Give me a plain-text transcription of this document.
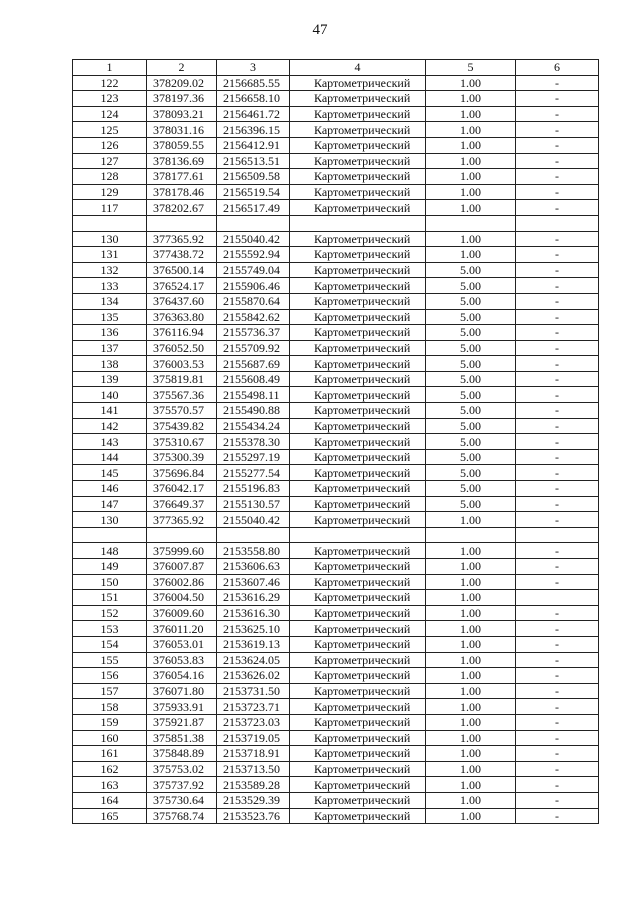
47
1	2	3	4	5	6
122	378209.02	2156685.55	Картометрический	1.00	-
123	378197.36	2156658.10	Картометрический	1.00	-
124	378093.21	2156461.72	Картометрический	1.00	-
125	378031.16	2156396.15	Картометрический	1.00	-
126	378059.55	2156412.91	Картометрический	1.00	-
127	378136.69	2156513.51	Картометрический	1.00	-
128	378177.61	2156509.58	Картометрический	1.00	-
129	378178.46	2156519.54	Картометрический	1.00	-
117	378202.67	2156517.49	Картометрический	1.00	-

130	377365.92	2155040.42	Картометрический	1.00	-
131	377438.72	2155592.94	Картометрический	1.00	-
132	376500.14	2155749.04	Картометрический	5.00	-
133	376524.17	2155906.46	Картометрический	5.00	-
134	376437.60	2155870.64	Картометрический	5.00	-
135	376363.80	2155842.62	Картометрический	5.00	-
136	376116.94	2155736.37	Картометрический	5.00	-
137	376052.50	2155709.92	Картометрический	5.00	-
138	376003.53	2155687.69	Картометрический	5.00	-
139	375819.81	2155608.49	Картометрический	5.00	-
140	375567.36	2155498.11	Картометрический	5.00	-
141	375570.57	2155490.88	Картометрический	5.00	-
142	375439.82	2155434.24	Картометрический	5.00	-
143	375310.67	2155378.30	Картометрический	5.00	-
144	375300.39	2155297.19	Картометрический	5.00	-
145	375696.84	2155277.54	Картометрический	5.00	-
146	376042.17	2155196.83	Картометрический	5.00	-
147	376649.37	2155130.57	Картометрический	5.00	-
130	377365.92	2155040.42	Картометрический	1.00	-

148	375999.60	2153558.80	Картометрический	1.00	-
149	376007.87	2153606.63	Картометрический	1.00	-
150	376002.86	2153607.46	Картометрический	1.00	-
151	376004.50	2153616.29	Картометрический	1.00	
152	376009.60	2153616.30	Картометрический	1.00	-
153	376011.20	2153625.10	Картометрический	1.00	-
154	376053.01	2153619.13	Картометрический	1.00	-
155	376053.83	2153624.05	Картометрический	1.00	-
156	376054.16	2153626.02	Картометрический	1.00	-
157	376071.80	2153731.50	Картометрический	1.00	-
158	375933.91	2153723.71	Картометрический	1.00	-
159	375921.87	2153723.03	Картометрический	1.00	-
160	375851.38	2153719.05	Картометрический	1.00	-
161	375848.89	2153718.91	Картометрический	1.00	-
162	375753.02	2153713.50	Картометрический	1.00	-
163	375737.92	2153589.28	Картометрический	1.00	-
164	375730.64	2153529.39	Картометрический	1.00	-
165	375768.74	2153523.76	Картометрический	1.00	-
